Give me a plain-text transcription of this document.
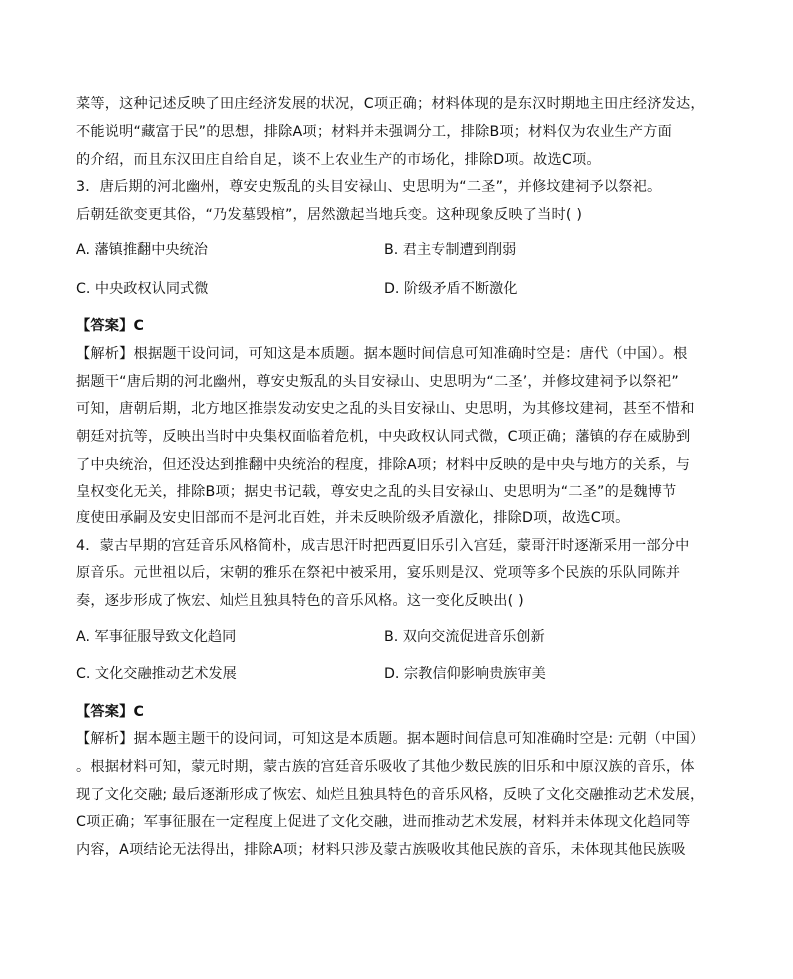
菜等，这种记述反映了田庄经济发展的状况，C项正确；材料体现的是东汉时期地主田庄经济发达，
不能说明“藏富于民”的思想，排除A项；材料并未强调分工，排除B项；材料仅为农业生产方面
的介绍，而且东汉田庄自给自足，谈不上农业生产的市场化，排除D项。故选C项。
3．唐后期的河北幽州，尊安史叛乱的头目安禄山、史思明为“二圣”，并修坟建祠予以祭祀。
后朝廷欲变更其俗，“乃发墓毁棺”，居然激起当地兵变。这种现象反映了当时( )
A. 藩镇推翻中央统治	B. 君主专制遭到削弱
C. 中央政权认同式微	D. 阶级矛盾不断激化
【答案】C
【解析】根据题干设问词，可知这是本质题。据本题时间信息可知准确时空是：唐代（中国）。根
据题干“唐后期的河北幽州，尊安史叛乱的头目安禄山、史思明为“二圣’，并修坟建祠予以祭祀”
可知，唐朝后期，北方地区推崇发动安史之乱的头目安禄山、史思明，为其修坟建祠，甚至不惜和
朝廷对抗等，反映出当时中央集权面临着危机，中央政权认同式微，C项正确；藩镇的存在威胁到
了中央统治，但还没达到推翻中央统治的程度，排除A项；材料中反映的是中央与地方的关系，与
皇权变化无关，排除B项；据史书记载，尊安史之乱的头目安禄山、史思明为“二圣”的是魏博节
度使田承嗣及安史旧部而不是河北百姓，并未反映阶级矛盾激化，排除D项，故选C项。
4．蒙古早期的宫廷音乐风格简朴，成吉思汗时把西夏旧乐引入宫廷，蒙哥汗时逐渐采用一部分中
原音乐。元世祖以后，宋朝的雅乐在祭祀中被采用，宴乐则是汉、党项等多个民族的乐队同陈并
奏，逐步形成了恢宏、灿烂且独具特色的音乐风格。这一变化反映出( )
A. 军事征服导致文化趋同	B. 双向交流促进音乐创新
C. 文化交融推动艺术发展	D. 宗教信仰影响贵族审美
【答案】C
【解析】据本题主题干的设问词，可知这是本质题。据本题时间信息可知准确时空是: 元朝（中国）
。根据材料可知，蒙元时期，蒙古族的宫廷音乐吸收了其他少数民族的旧乐和中原汉族的音乐，体
现了文化交融; 最后逐渐形成了恢宏、灿烂且独具特色的音乐风格，反映了文化交融推动艺术发展，
C项正确；军事征服在一定程度上促进了文化交融，进而推动艺术发展，材料并未体现文化趋同等
内容，A项结论无法得出，排除A项；材料只涉及蒙古族吸收其他民族的音乐，未体现其他民族吸
